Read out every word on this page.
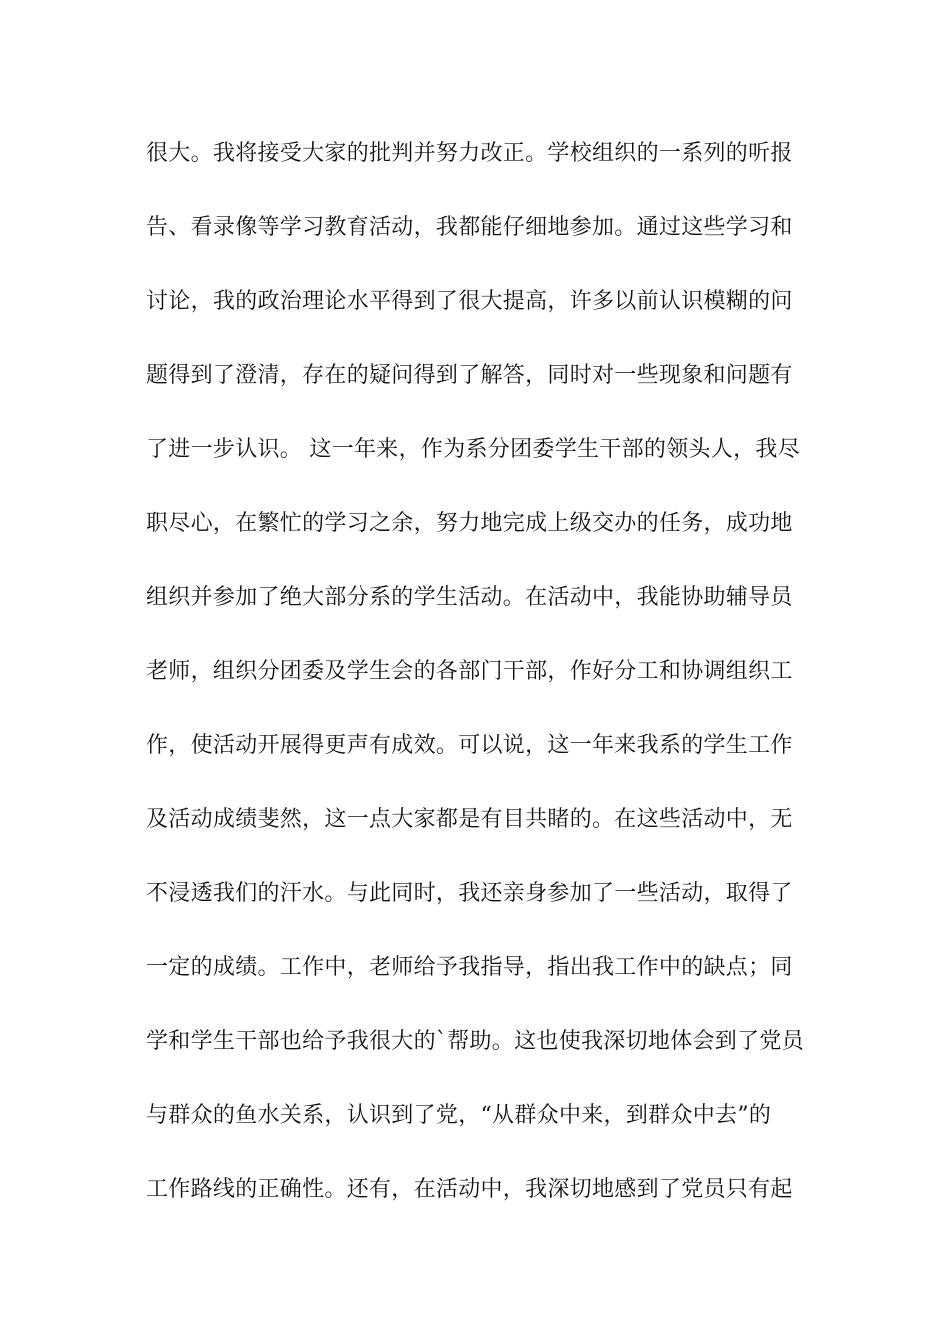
很大。我将接受大家的批判并努力改正。学校组织的一系列的听报
告、看录像等学习教育活动，我都能仔细地参加。通过这些学习和
讨论，我的政治理论水平得到了很大提高，许多以前认识模糊的问
题得到了澄清，存在的疑问得到了解答，同时对一些现象和问题有
了进一步认识。 这一年来，作为系分团委学生干部的领头人，我尽
职尽心，在繁忙的学习之余，努力地完成上级交办的任务，成功地
组织并参加了绝大部分系的学生活动。在活动中，我能协助辅导员
老师，组织分团委及学生会的各部门干部，作好分工和协调组织工
作，使活动开展得更声有成效。可以说，这一年来我系的学生工作
及活动成绩斐然，这一点大家都是有目共睹的。在这些活动中，无
不浸透我们的汗水。与此同时，我还亲身参加了一些活动，取得了
一定的成绩。工作中，老师给予我指导，指出我工作中的缺点；同
学和学生干部也给予我很大的`帮助。这也使我深切地体会到了党员
与群众的鱼水关系，认识到了党，“从群众中来，到群众中去”的
工作路线的正确性。还有，在活动中，我深切地感到了党员只有起
